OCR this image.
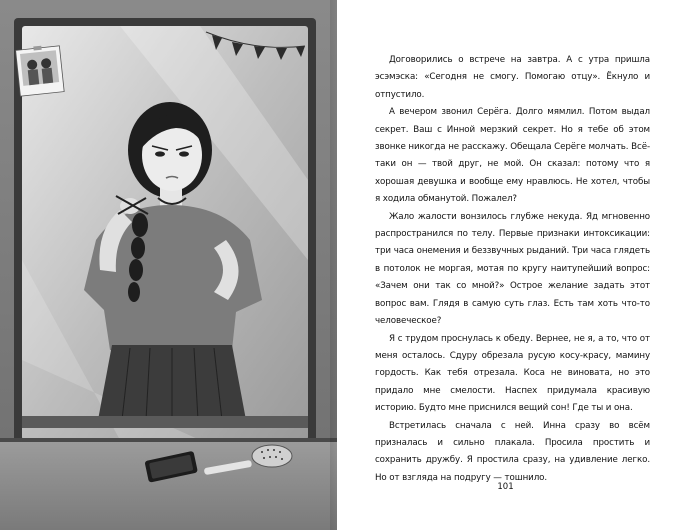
Договорились о встрече на завтра. А с утра пришла эсэмэска: «Сегодня не смогу. Помогаю отцу». Ёкнуло и отпустило.

А вечером звонил Серёга. Долго мямлил. Потом выдал секрет. Ваш с Инной мерзкий секрет. Но я тебе об этом звонке никогда не расскажу. Обещала Серёге молчать. Всё-таки он — твой друг, не мой. Он сказал: потому что я хорошая девушка и вообще ему нравлюсь. Не хотел, чтобы я ходила обманутой. Пожалел?

Жало жалости вонзилось глубже некуда. Яд мгновенно распространился по телу. Первые признаки интоксикации: три часа онемения и беззвучных рыданий. Три часа глядеть в потолок не моргая, мотая по кругу наитупейший вопрос: «Зачем они так со мной?» Острое желание задать этот вопрос вам. Глядя в самую суть глаз. Есть там хоть что-то человеческое?

Я с трудом проснулась к обеду. Вернее, не я, а то, что от меня осталось. Сдуру обрезала русую косу-красу, мамину гордость. Как тебя отрезала. Коса не виновата, но это придало мне смелости. Наспех придумала красивую историю. Будто мне приснился вещий сон! Где ты и она.

Встретилась сначала с ней. Инна сразу во всём призналась и сильно плакала. Просила простить и сохранить дружбу. Я простила сразу, на удивление легко. Но от взгляда на подругу — тошнило.

101
